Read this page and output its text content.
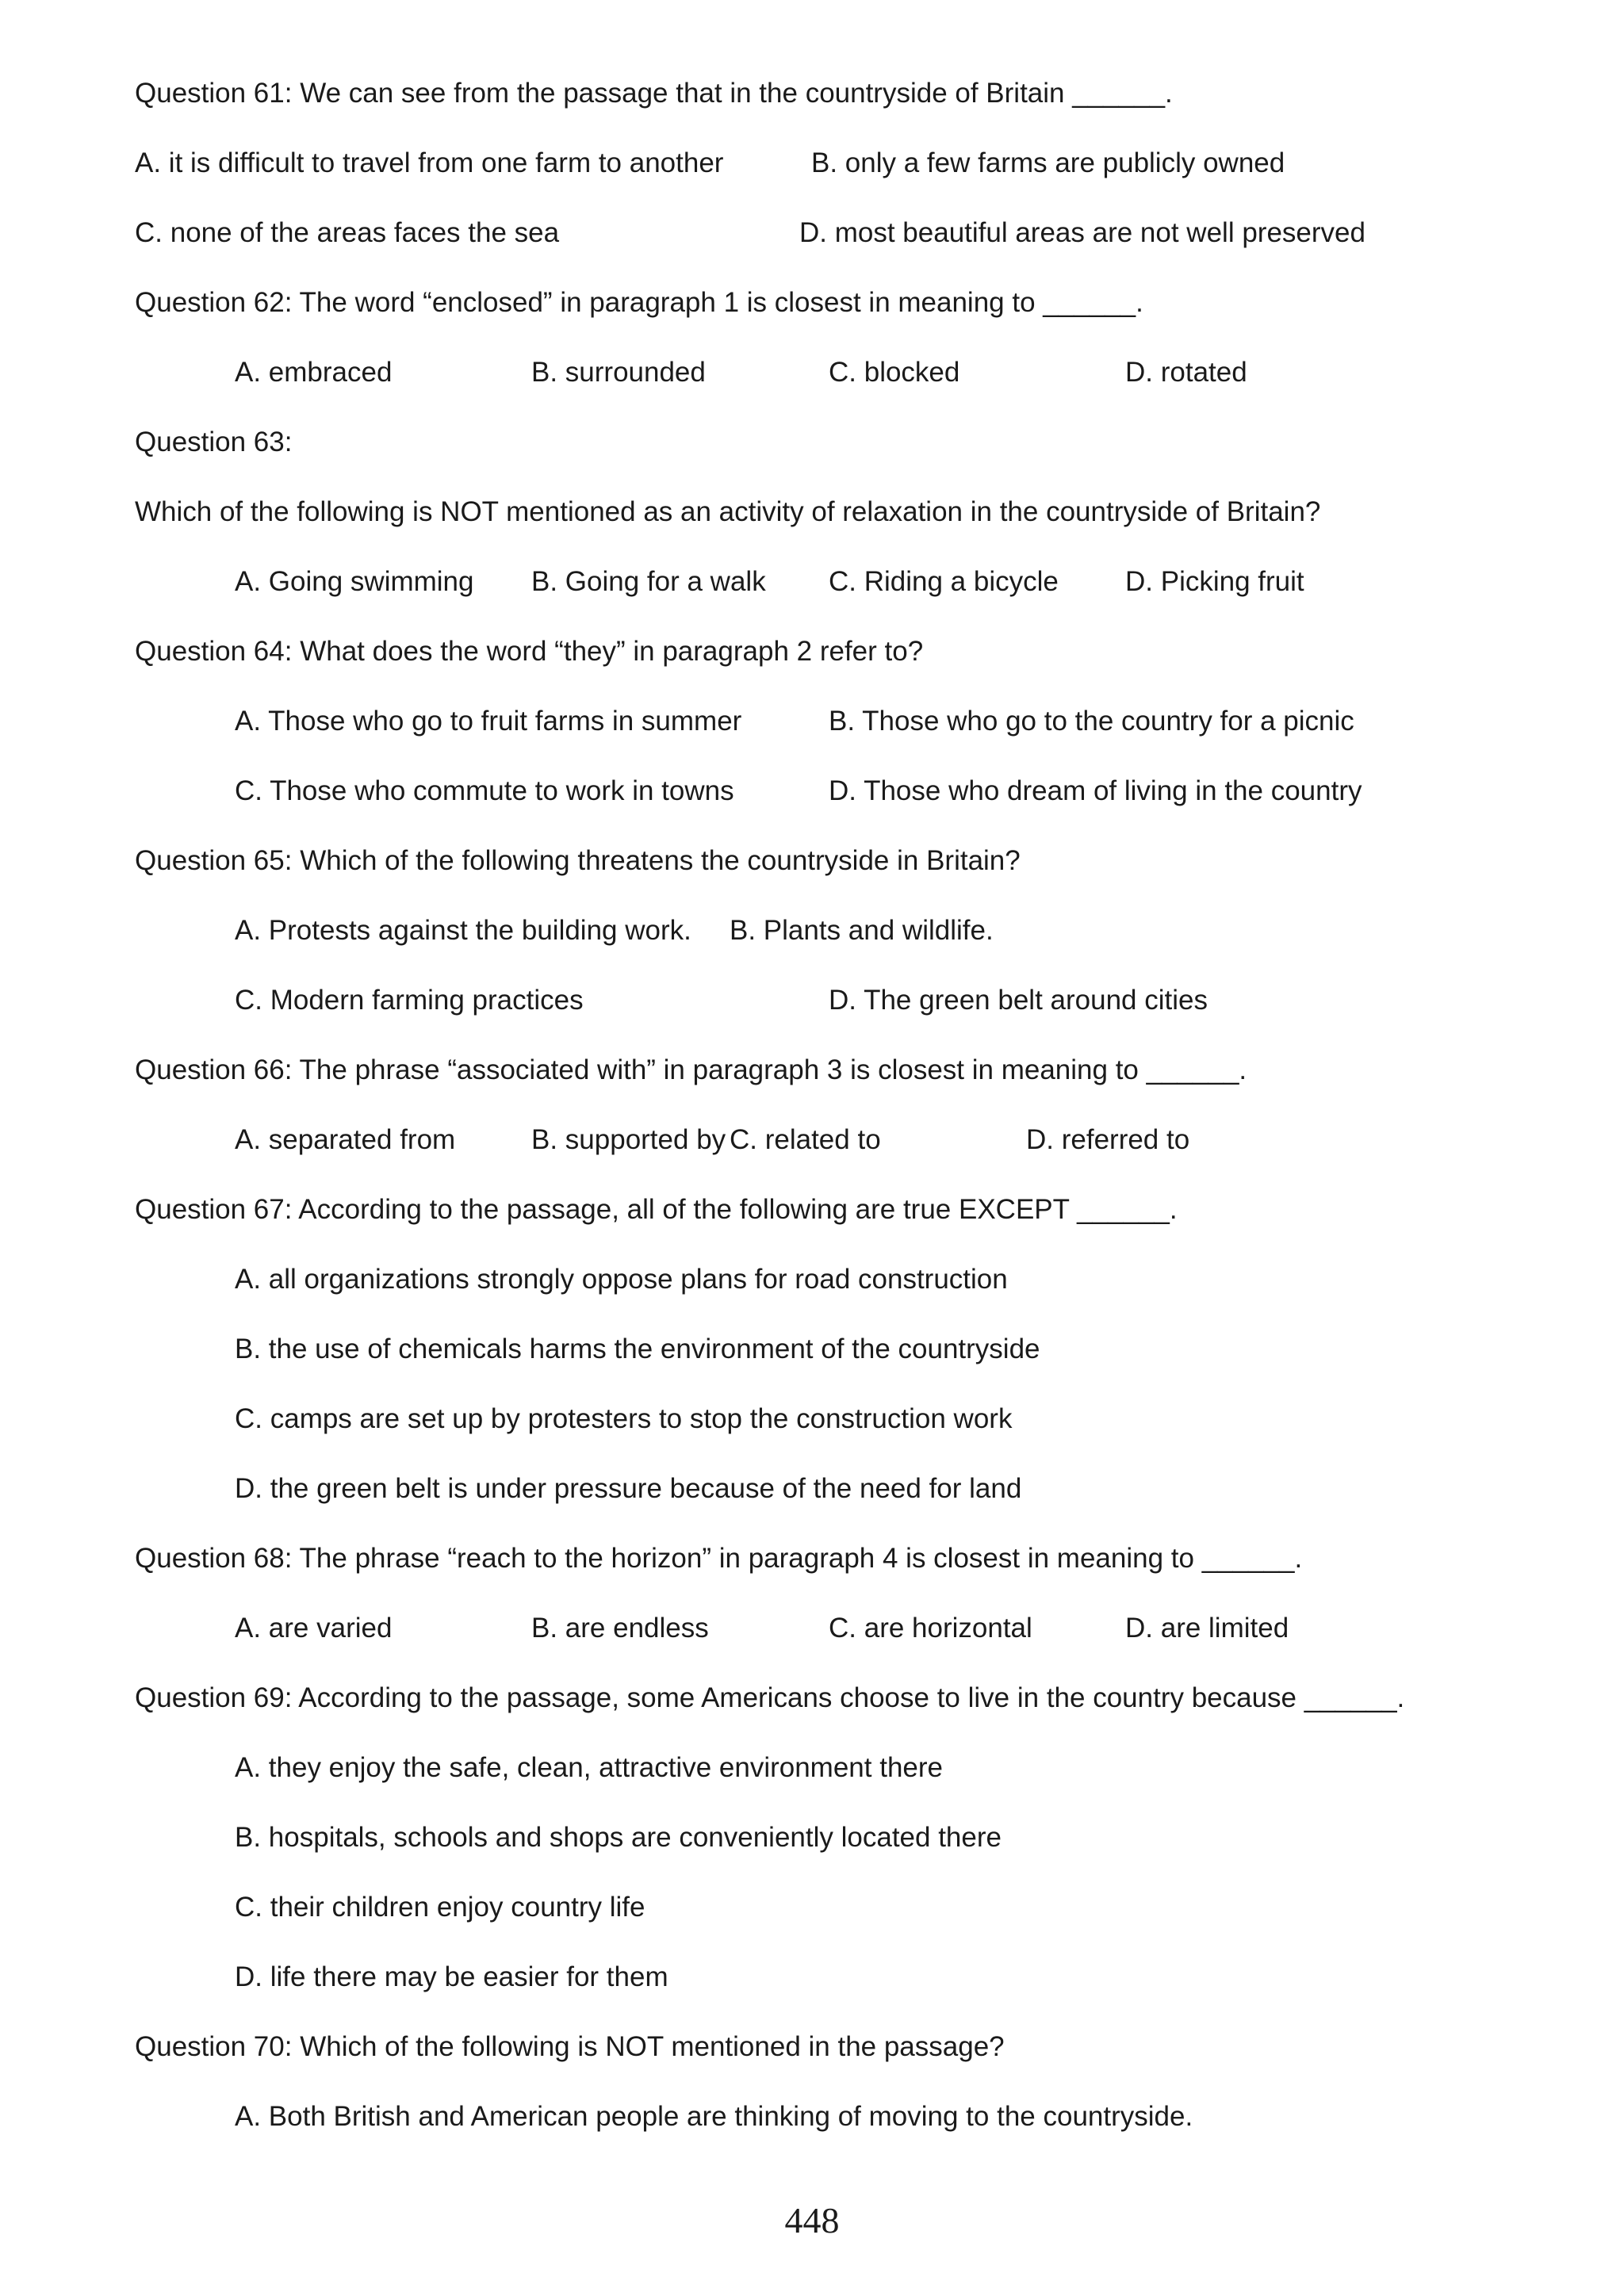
Question 61: We can see from the passage that in the countryside of Britain ______.
A. it is difficult to travel from one farm to another	B. only a few farms are publicly owned
C. none of the areas faces the sea	D. most beautiful areas are not well preserved
Question 62: The word “enclosed” in paragraph 1 is closest in meaning to ______.
A. embraced	B. surrounded	C. blocked	D. rotated
Question 63:
Which of the following is NOT mentioned as an activity of relaxation in the countryside of Britain?
A. Going swimming B. Going for a walk C. Riding a bicycle D. Picking fruit
Question 64: What does the word “they” in paragraph 2 refer to?
A. Those who go to fruit farms in summer	B. Those who go to the country for a picnic
C. Those who commute to work in towns	D. Those who dream of living in the country
Question 65: Which of the following threatens the countryside in Britain?
A. Protests against the building work. B. Plants and wildlife.
C. Modern farming practices	D. The green belt around cities
Question 66: The phrase “associated with” in paragraph 3 is closest in meaning to ______.
A. separated from	B. supported by C. related to	D. referred to
Question 67: According to the passage, all of the following are true EXCEPT ______.
A. all organizations strongly oppose plans for road construction
B. the use of chemicals harms the environment of the countryside
C. camps are set up by protesters to stop the construction work
D. the green belt is under pressure because of the need for land
Question 68: The phrase “reach to the horizon” in paragraph 4 is closest in meaning to ______.
A. are varied	B. are endless	C. are horizontal	D. are limited
Question 69: According to the passage, some Americans choose to live in the country because ______.
A. they enjoy the safe, clean, attractive environment there
B. hospitals, schools and shops are conveniently located there
C. their children enjoy country life
D. life there may be easier for them
Question 70: Which of the following is NOT mentioned in the passage?
A. Both British and American people are thinking of moving to the countryside.
448
